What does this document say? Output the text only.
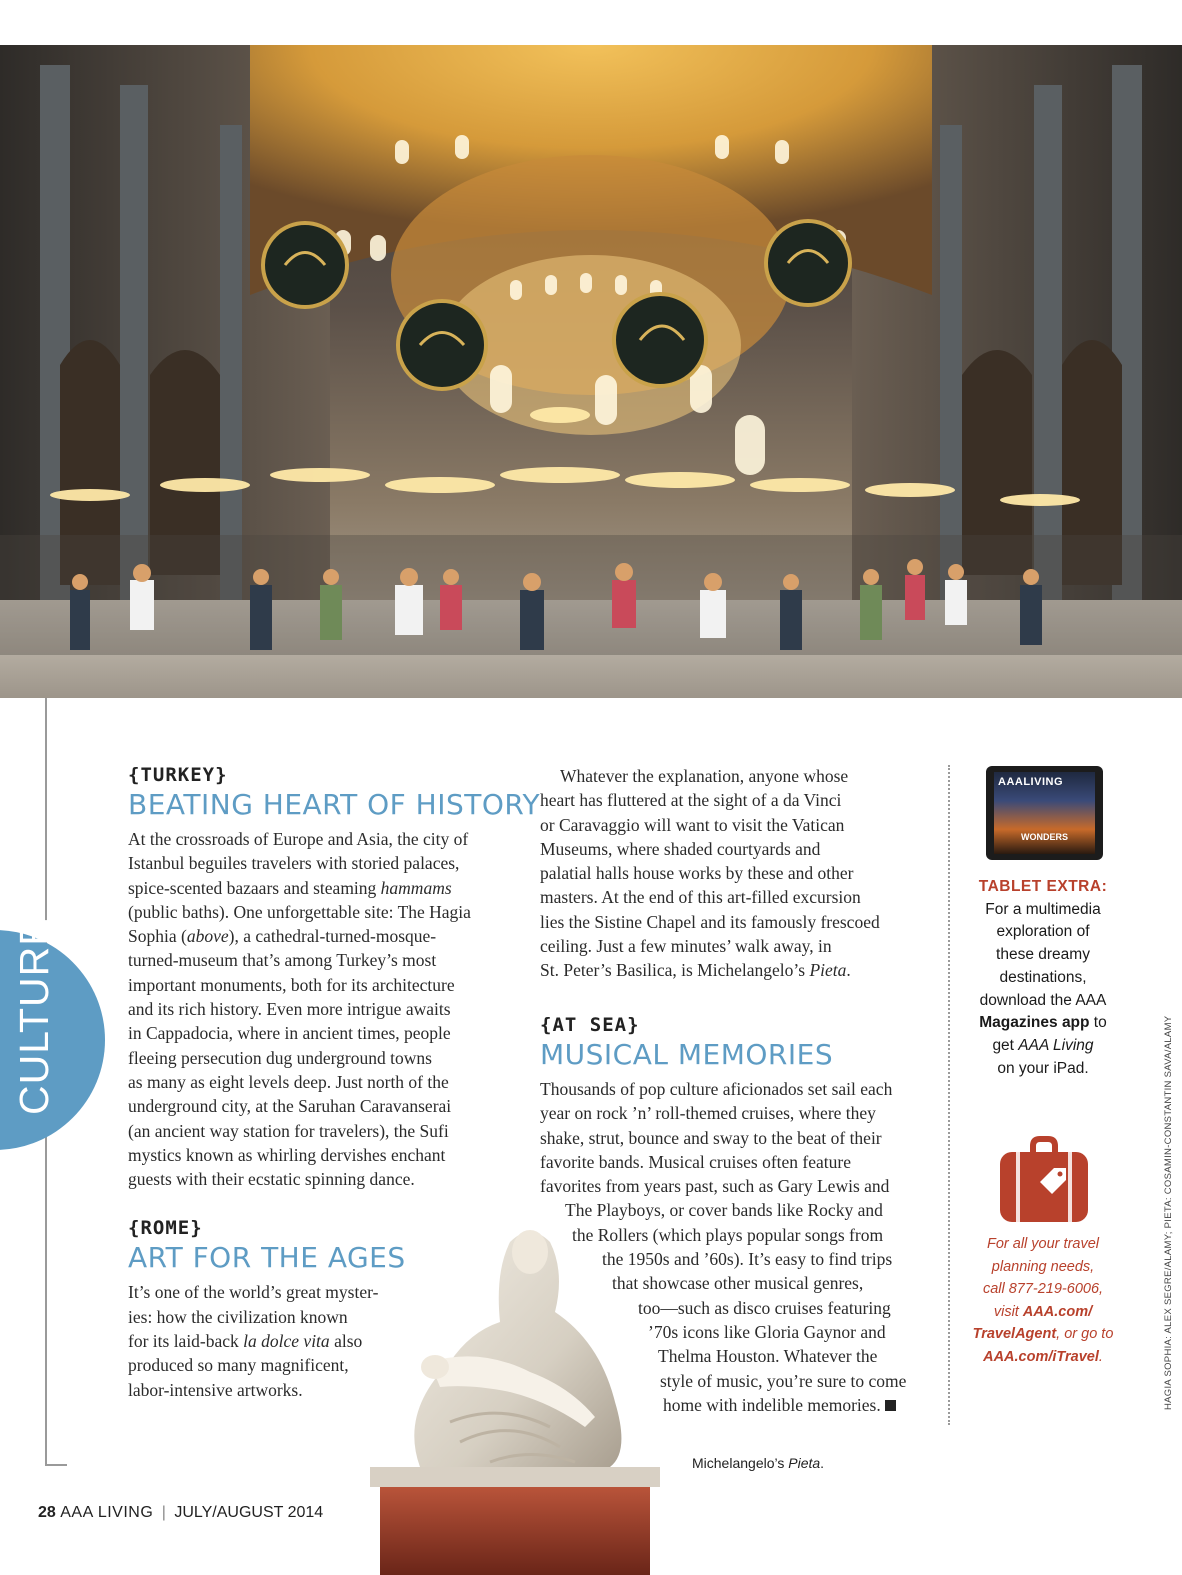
CULTURE
{TURKEY}
BEATING HEART OF HISTORY
At the crossroads of Europe and Asia, the city of
Istanbul beguiles travelers with storied palaces,
spice-scented bazaars and steaming hammams
(public baths). One unforgettable site: The Hagia
Sophia (above), a cathedral-turned-mosque-
turned-museum that’s among Turkey’s most
important monuments, both for its architecture
and its rich history. Even more intrigue awaits
in Cappadocia, where in ancient times, people
fleeing persecution dug underground towns
as many as eight levels deep. Just north of the
underground city, at the Saruhan Caravanserai
(an ancient way station for travelers), the Sufi
mystics known as whirling dervishes enchant
guests with their ecstatic spinning dance.
{ROME}
ART FOR THE AGES
It’s one of the world’s great myster-
ies: how the civilization known
for its laid-back la dolce vita also
produced so many magnificent,
labor-intensive artworks.
Whatever the explanation, anyone whose
heart has fluttered at the sight of a da Vinci
or Caravaggio will want to visit the Vatican
Museums, where shaded courtyards and
palatial halls house works by these and other
masters. At the end of this art-filled excursion
lies the Sistine Chapel and its famously frescoed
ceiling. Just a few minutes’ walk away, in
St. Peter’s Basilica, is Michelangelo’s Pieta.
{AT SEA}
MUSICAL MEMORIES
Thousands of pop culture aficionados set sail each
year on rock ’n’ roll-themed cruises, where they
shake, strut, bounce and sway to the beat of their
favorite bands. Musical cruises often feature
favorites from years past, such as Gary Lewis and
The Playboys, or cover bands like Rocky and
the Rollers (which plays popular songs from
the 1950s and ’60s). It’s easy to find trips
that showcase other musical genres,
too—such as disco cruises featuring
’70s icons like Gloria Gaynor and
Thelma Houston. Whatever the
style of music, you’re sure to come
home with indelible memories.
Michelangelo’s Pieta.
AAALIVING
WONDERS
TABLET EXTRA:
For a multimedia
exploration of
these dreamy
destinations,
download the AAA
Magazines app to
get AAA Living
on your iPad.
For all your travel
planning needs,
call 877-219-6006,
visit AAA.com/
TravelAgent, or go to
AAA.com/iTravel.	HAGIA SOPHIA: ALEX SEGRE/ALAMY; PIETA: COSAMIN-CONSTANTIN SAVA/ALAMY
28 AAA LIVING | JULY/AUGUST 2014
